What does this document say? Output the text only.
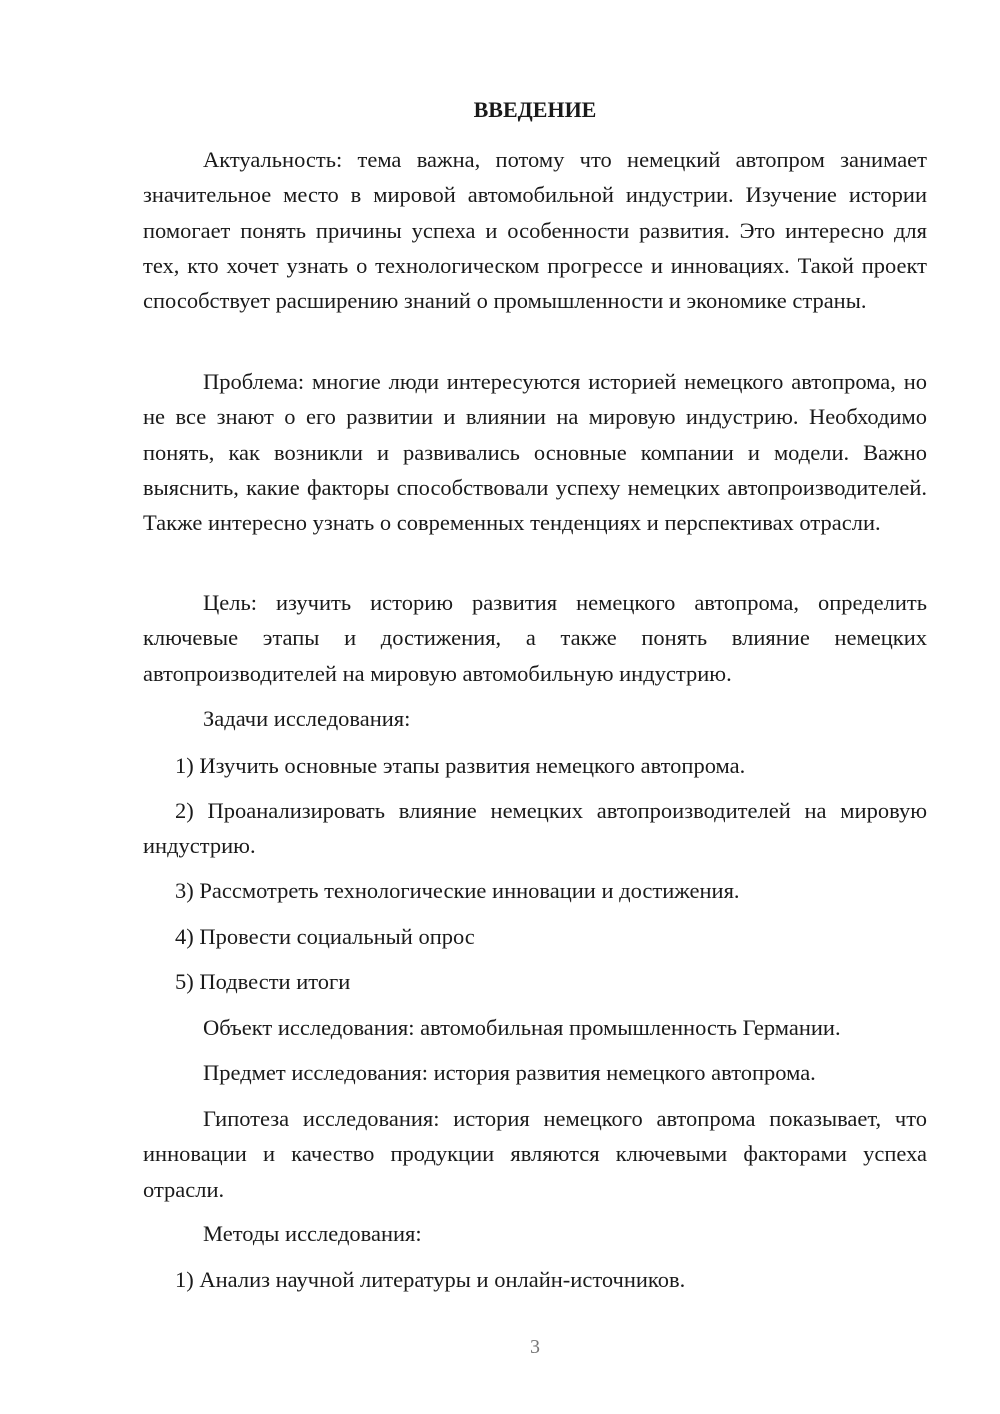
ВВЕДЕНИЕ

Актуальность: тема важна, потому что немецкий автопром занимает значительное место в мировой автомобильной индустрии. Изучение истории помогает понять причины успеха и особенности развития. Это интересно для тех, кто хочет узнать о технологическом прогрессе и инновациях. Такой проект способствует расширению знаний о промышленности и экономике страны.

Проблема: многие люди интересуются историей немецкого автопрома, но не все знают о его развитии и влиянии на мировую индустрию. Необходимо понять, как возникли и развивались основные компании и модели. Важно выяснить, какие факторы способствовали успеху немецких автопроизводителей. Также интересно узнать о современных тенденциях и перспективах отрасли.

Цель: изучить историю развития немецкого автопрома, определить ключевые этапы и достижения, а также понять влияние немецких автопроизводителей на мировую автомобильную индустрию.

Задачи исследования:

1) Изучить основные этапы развития немецкого автопрома.

2) Проанализировать влияние немецких автопроизводителей на мировую индустрию.

3) Рассмотреть технологические инновации и достижения.

4) Провести социальный опрос

5) Подвести итоги

Объект исследования: автомобильная промышленность Германии.

Предмет исследования: история развития немецкого автопрома.

Гипотеза исследования: история немецкого автопрома показывает, что инновации и качество продукции являются ключевыми факторами успеха отрасли.

Методы исследования:

1) Анализ научной литературы и онлайн-источников.

3
